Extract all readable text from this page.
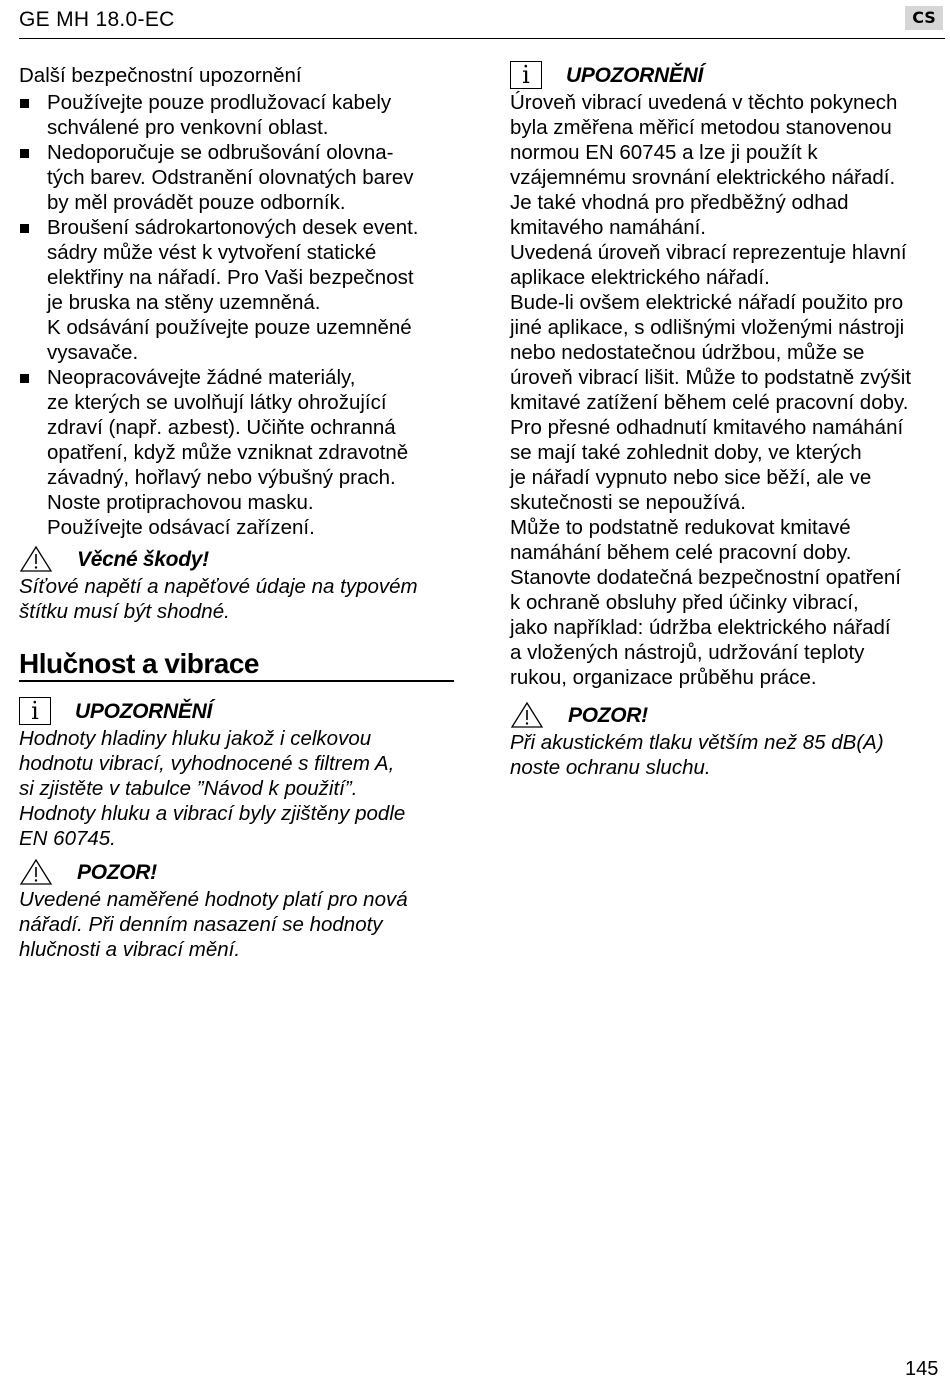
GE MH 18.0-EC	CS

Další bezpečnostní upozornění

Používejte pouze prodlužovací kabely
schválené pro venkovní oblast.
Nedoporučuje se odbrušování olovna-
tých barev. Odstranění olovnatých barev
by měl provádět pouze odborník.
Broušení sádrokartonových desek event.
sádry může vést k vytvoření statické
elektřiny na nářadí. Pro Vaši bezpečnost
je bruska na stěny uzemněná.
K odsávání používejte pouze uzemněné
vysavače.
Neopracovávejte žádné materiály,
ze kterých se uvolňují látky ohrožující
zdraví (např. azbest). Učiňte ochranná
opatření, když může vzniknat zdravotně
závadný, hořlavý nebo výbušný prach.
Noste protiprachovou masku.
Používejte odsávací zařízení.
Věcné škody!

Síťové napětí a napěťové údaje na typovém
štítku musí být shodné.

Hlučnost a vibrace
i	UPOZORNĚNÍ

Hodnoty hladiny hluku jakož i celkovou
hodnotu vibrací, vyhodnocené s filtrem A,
si zjistěte v tabulce ”Návod k použití”.
Hodnoty hluku a vibrací byly zjištěny podle
EN 60745.

POZOR!

Uvedené naměřené hodnoty platí pro nová
nářadí. Při denním nasazení se hodnoty
hlučnosti a vibrací mění.

i	UPOZORNĚNÍ

Úroveň vibrací uvedená v těchto pokynech
byla změřena měřicí metodou stanovenou
normou EN 60745 a lze ji použít k
vzájemnému srovnání elektrického nářadí.
Je také vhodná pro předběžný odhad
kmitavého namáhání.
Uvedená úroveň vibrací reprezentuje hlavní
aplikace elektrického nářadí.
Bude-li ovšem elektrické nářadí použito pro
jiné aplikace, s odlišnými vloženými nástroji
nebo nedostatečnou údržbou, může se
úroveň vibrací lišit. Může to podstatně zvýšit
kmitavé zatížení během celé pracovní doby.
Pro přesné odhadnutí kmitavého namáhání
se mají také zohlednit doby, ve kterých
je nářadí vypnuto nebo sice běží, ale ve
skutečnosti se nepoužívá.
Může to podstatně redukovat kmitavé
namáhání během celé pracovní doby.
Stanovte dodatečná bezpečnostní opatření
k ochraně obsluhy před účinky vibrací,
jako například: údržba elektrického nářadí
a vložených nástrojů, udržování teploty
rukou, organizace průběhu práce.

POZOR!

Při akustickém tlaku větším než 85 dB(A)
noste ochranu sluchu.

145
